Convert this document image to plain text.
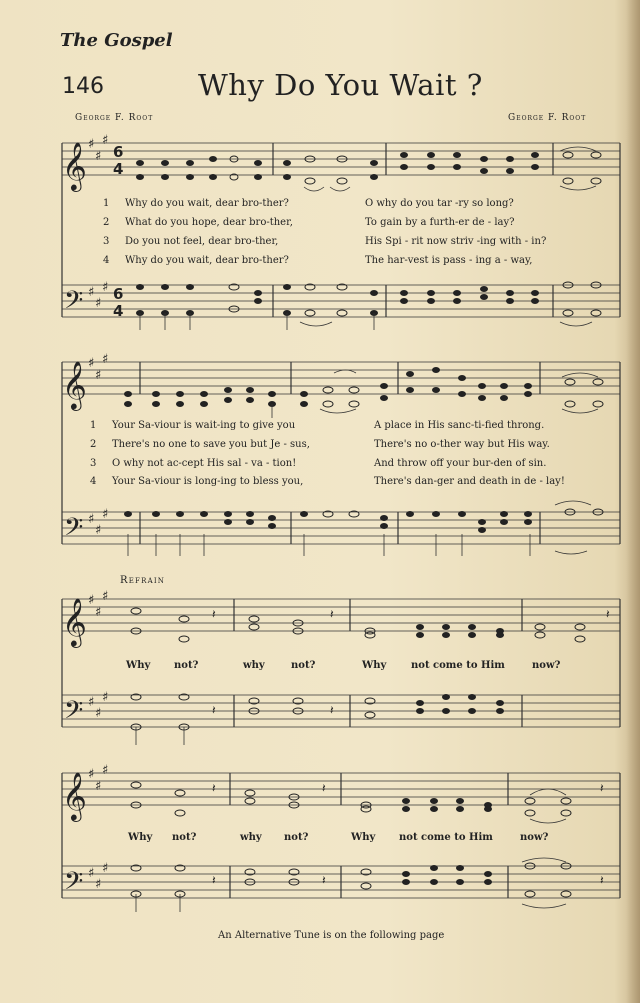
The Gospel
146	Why Do You Wait ?
George F. Root	George F. Root
𝄞
𝄢
𝄞
𝄢
𝄞
𝄢
𝄞
𝄢
♯
♯
♯
♯
♯
♯
♯
♯
♯
♯
♯
♯
♯
♯
♯
♯
♯
♯
♯
♯
♯
♯
♯
♯
6
4
6
4
𝄽	𝄽	𝄽
𝄽	𝄽
𝄽	𝄽	𝄽
𝄽	𝄽	𝄽
1	Why do you wait, dear bro-ther?	O why do you tar -ry so long?
2	What do you hope, dear bro-ther,	To gain by a furth-er de - lay?
3	Do you not feel, dear bro-ther,	His Spi - rit now striv -ing with - in?
4	Why do you wait, dear bro-ther?	The har-vest is pass - ing a - way,
1	Your Sa-viour is wait-ing to give you	A place in His sanc-ti-fied throng.
2	There's no one to save you but Je - sus,	There's no o-ther way but His way.
3	O why not ac-cept His sal - va - tion!	And throw off your bur-den of sin.
4	Your Sa-viour is long-ing to bless you,	There's dan-ger and death in de - lay!
Refrain
Why not?	why	not?	Why not come to Him	now?
Why not?	why not?	Why not come to Him	now?
An Alternative Tune is on the following page
